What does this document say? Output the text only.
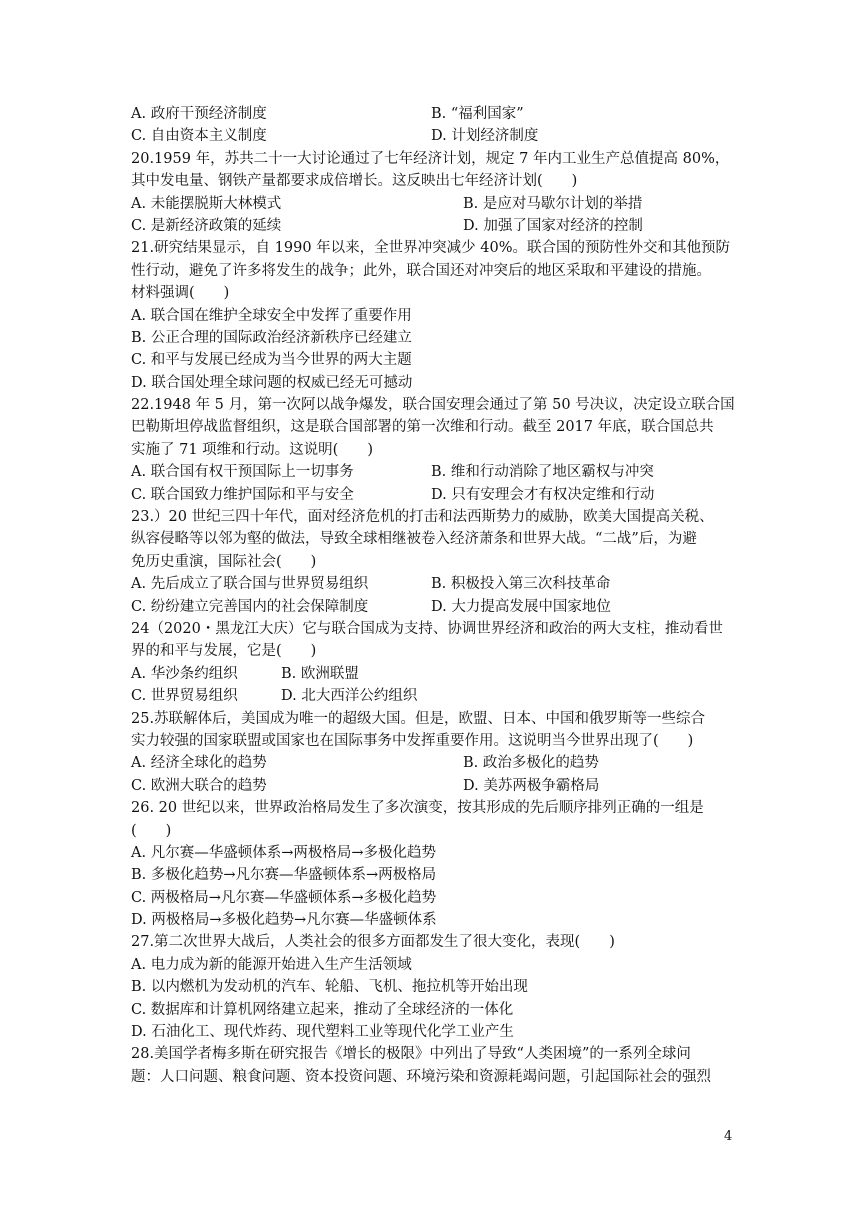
A. 政府干预经济制度	B. “福利国家”
C. 自由资本主义制度	D. 计划经济制度
20.1959 年，苏共二十一大讨论通过了七年经济计划，规定 7 年内工业生产总值提高 80%，
其中发电量、钢铁产量都要求成倍增长。这反映出七年经济计划(　　)
A. 未能摆脱斯大林模式	B. 是应对马歇尔计划的举措
C. 是新经济政策的延续	D. 加强了国家对经济的控制
21.研究结果显示，自 1990 年以来，全世界冲突减少 40%。联合国的预防性外交和其他预防
性行动，避免了许多将发生的战争；此外，联合国还对冲突后的地区采取和平建设的措施。
材料强调(　　)
A. 联合国在维护全球安全中发挥了重要作用
B. 公正合理的国际政治经济新秩序已经建立
C. 和平与发展已经成为当今世界的两大主题
D. 联合国处理全球问题的权威已经无可撼动
22.1948 年 5 月，第一次阿以战争爆发，联合国安理会通过了第 50 号决议，决定设立联合国
巴勒斯坦停战监督组织，这是联合国部署的第一次维和行动。截至 2017 年底，联合国总共
实施了 71 项维和行动。这说明(　　)
A. 联合国有权干预国际上一切事务	B. 维和行动消除了地区霸权与冲突
C. 联合国致力维护国际和平与安全	D. 只有安理会才有权决定维和行动
23.）20 世纪三四十年代，面对经济危机的打击和法西斯势力的威胁，欧美大国提高关税、
纵容侵略等以邻为壑的做法，导致全球相继被卷入经济萧条和世界大战。“二战”后，为避
免历史重演，国际社会(　　)
A. 先后成立了联合国与世界贸易组织	B. 积极投入第三次科技革命
C. 纷纷建立完善国内的社会保障制度	D. 大力提高发展中国家地位
24（2020・黑龙江大庆）它与联合国成为支持、协调世界经济和政治的两大支柱，推动看世
界的和平与发展，它是(　　)
A. 华沙条约组织	B. 欧洲联盟
C. 世界贸易组织	D. 北大西洋公约组织
25.苏联解体后，美国成为唯一的超级大国。但是，欧盟、日本、中国和俄罗斯等一些综合
实力较强的国家联盟或国家也在国际事务中发挥重要作用。这说明当今世界出现了(　　)
A. 经济全球化的趋势	B. 政治多极化的趋势
C. 欧洲大联合的趋势	D. 美苏两极争霸格局
26. 20 世纪以来，世界政治格局发生了多次演变，按其形成的先后顺序排列正确的一组是
(　　)
A. 凡尔赛—华盛顿体系→两极格局→多极化趋势
B. 多极化趋势→凡尔赛—华盛顿体系→两极格局
C. 两极格局→凡尔赛—华盛顿体系→多极化趋势
D. 两极格局→多极化趋势→凡尔赛—华盛顿体系
27.第二次世界大战后，人类社会的很多方面都发生了很大变化，表现(　　)
A. 电力成为新的能源开始进入生产生活领域
B. 以内燃机为发动机的汽车、轮船、飞机、拖拉机等开始出现
C. 数据库和计算机网络建立起来，推动了全球经济的一体化
D. 石油化工、现代炸药、现代塑料工业等现代化学工业产生
28.美国学者梅多斯在研究报告《增长的极限》中列出了导致“人类困境”的一系列全球问
题：人口问题、粮食问题、资本投资问题、环境污染和资源耗竭问题，引起国际社会的强烈
4
